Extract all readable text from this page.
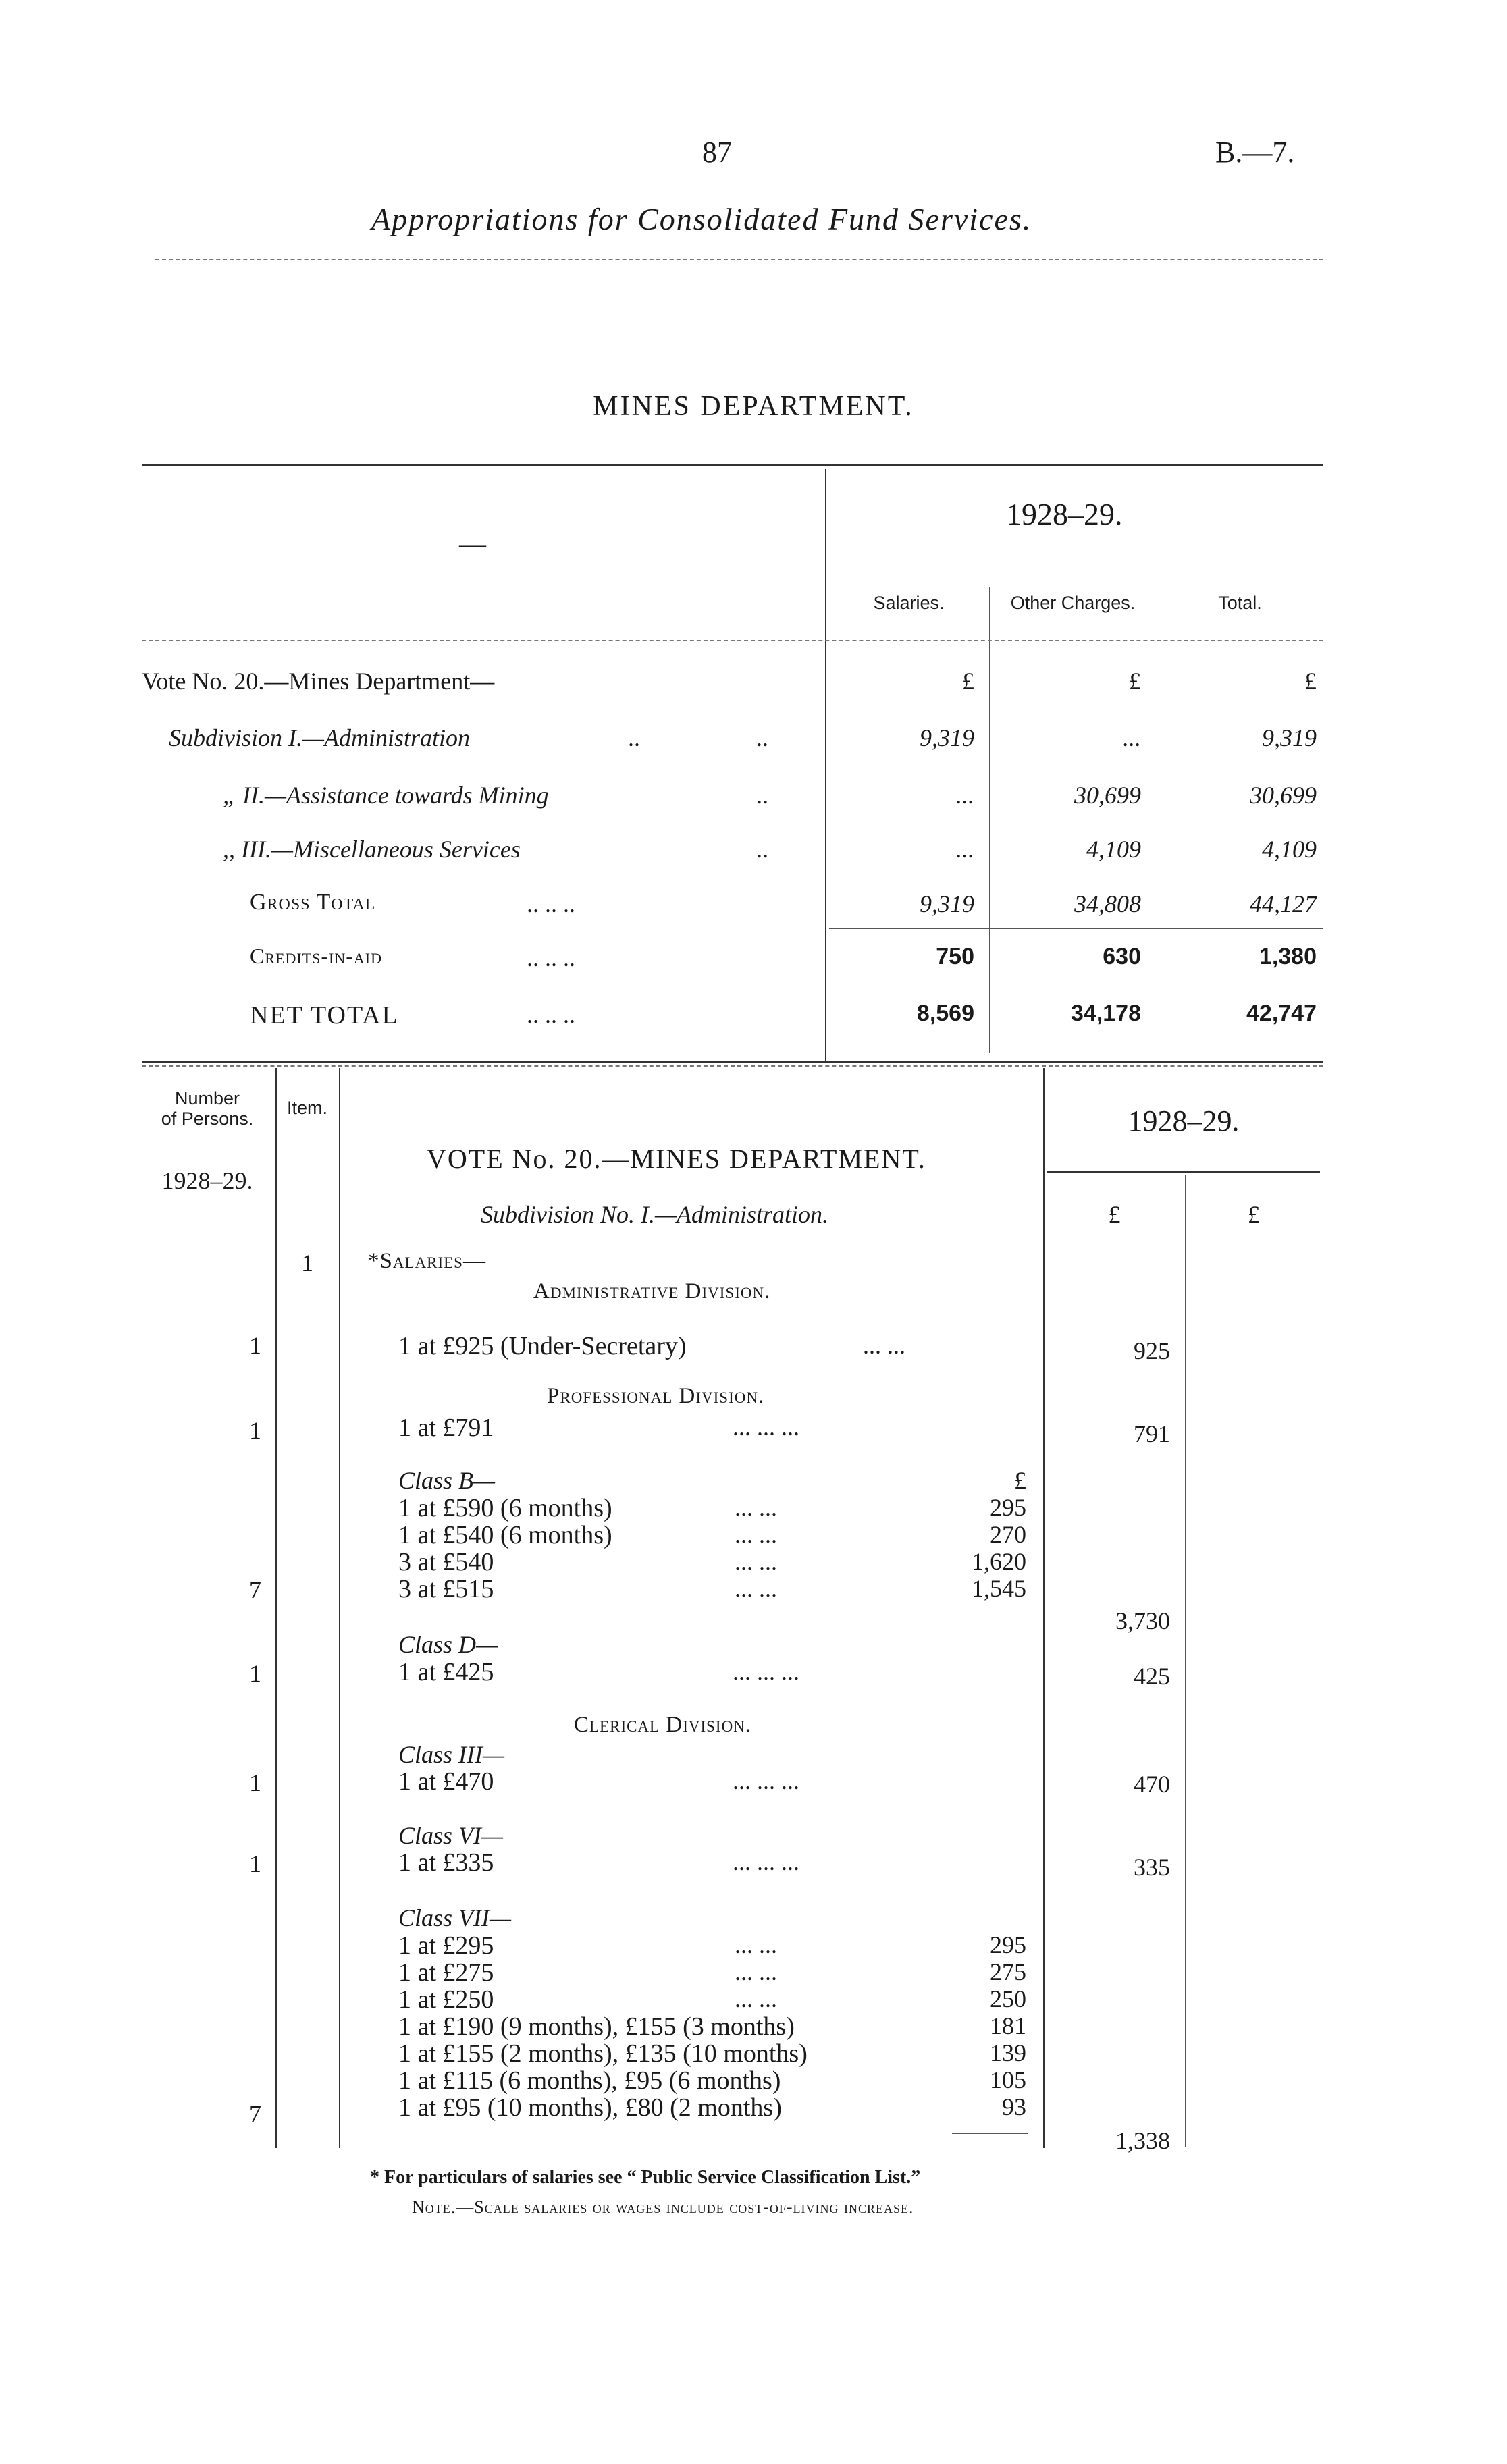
87	B.—7.
Appropriations for Consolidated Fund Services.
MINES DEPARTMENT.
—
1928–29.
Salaries.	Other Charges.	Total.
Vote No. 20.—Mines Department—	£	£	£
Subdivision I.—Administration	..	..	9,319	...	9,319
„ II.—Assistance towards Mining	..	...	30,699	30,699
,, III.—Miscellaneous Services	..	...	4,109	4,109
Gross Total	.. .. ..	9,319	34,808	44,127
Credits-in-aid	.. .. ..	750	630	1,380
NET TOTAL	.. .. ..	8,569	34,178	42,747
Number
of Persons.
Item.
1928–29.
1928–29.
£	£
VOTE No. 20.—MINES DEPARTMENT.
Subdivision No. I.—Administration.
1	*Salaries—
Administrative Division.
1	1 at £925 (Under-Secretary)	... ...	925
Professional Division.
1	1 at £791	... ... ...	791
Class B—	£
1 at £590 (6 months)	... ...	295
1 at £540 (6 months)	... ...	270
3 at £540	... ...	1,620
7	3 at £515	... ...	1,545
3,730
Class D—
1	1 at £425	... ... ...	425
Clerical Division.
Class III—
1	1 at £470	... ... ...	470
Class VI—
1	1 at £335	... ... ...	335
Class VII—
1 at £295	... ...	295
1 at £275	... ...	275
1 at £250	... ...	250
1 at £190 (9 months), £155 (3 months)	181
1 at £155 (2 months), £135 (10 months)	139
1 at £115 (6 months), £95 (6 months)	105
7	1 at £95 (10 months), £80 (2 months)	93
1,338
* For particulars of salaries see “ Public Service Classification List.”
Note.—Scale salaries or wages include cost-of-living increase.
